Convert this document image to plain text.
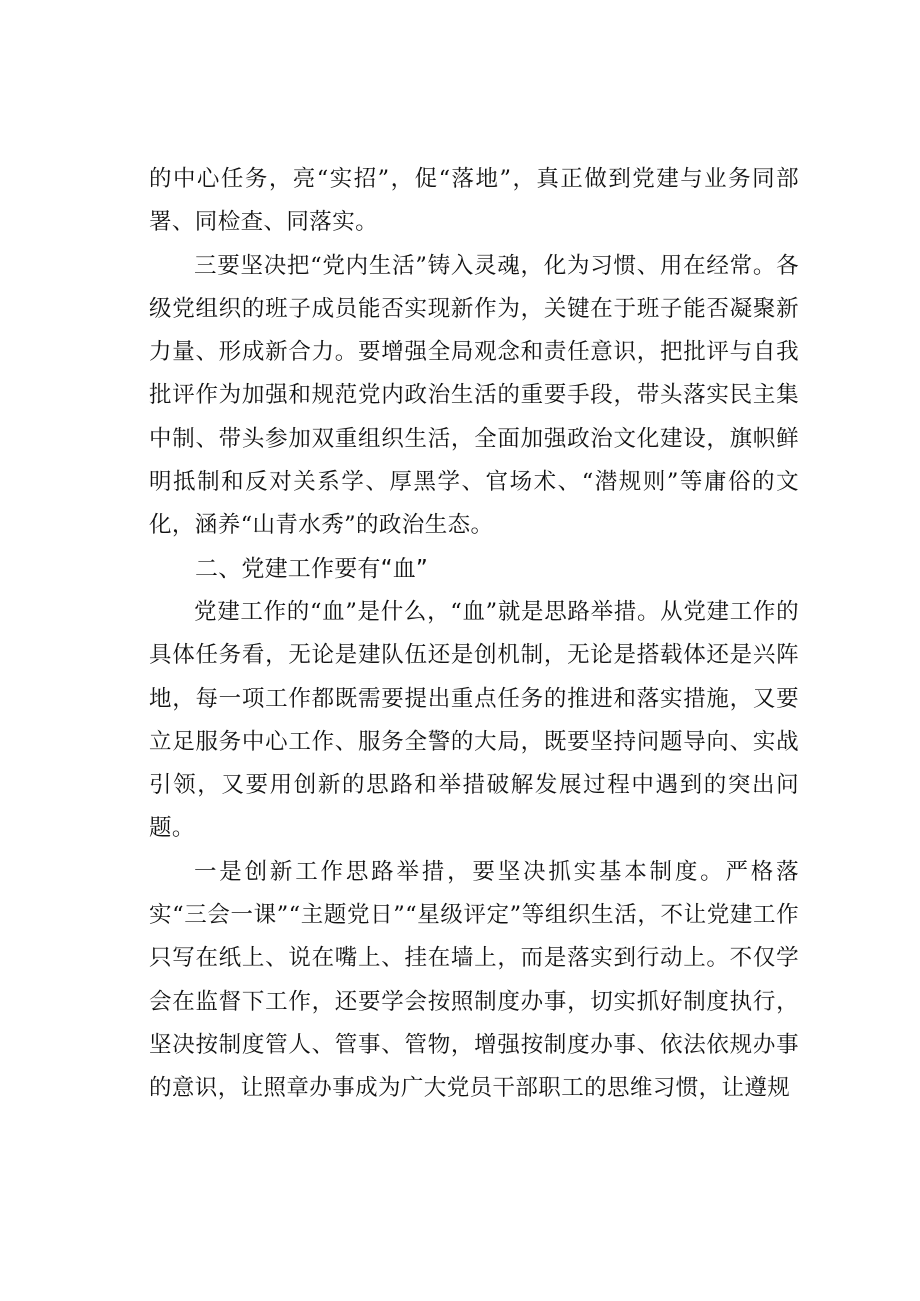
的中心任务，亮“实招”，促“落地”，真正做到党建与业务同部署、同检查、同落实。

三要坚决把“党内生活”铸入灵魂，化为习惯、用在经常。各级党组织的班子成员能否实现新作为，关键在于班子能否凝聚新力量、形成新合力。要增强全局观念和责任意识，把批评与自我批评作为加强和规范党内政治生活的重要手段，带头落实民主集中制、带头参加双重组织生活，全面加强政治文化建设，旗帜鲜明抵制和反对关系学、厚黑学、官场术、“潜规则”等庸俗的文化，涵养“山青水秀”的政治生态。

二、党建工作要有“血”

党建工作的“血”是什么，“血”就是思路举措。从党建工作的具体任务看，无论是建队伍还是创机制，无论是搭载体还是兴阵地，每一项工作都既需要提出重点任务的推进和落实措施，又要立足服务中心工作、服务全警的大局，既要坚持问题导向、实战引领，又要用创新的思路和举措破解发展过程中遇到的突出问题。

一是创新工作思路举措，要坚决抓实基本制度。严格落实“三会一课”“主题党日”“星级评定”等组织生活，不让党建工作只写在纸上、说在嘴上、挂在墙上，而是落实到行动上。不仅学会在监督下工作，还要学会按照制度办事，切实抓好制度执行，坚决按制度管人、管事、管物，增强按制度办事、依法依规办事的意识，让照章办事成为广大党员干部职工的思维习惯，让遵规
